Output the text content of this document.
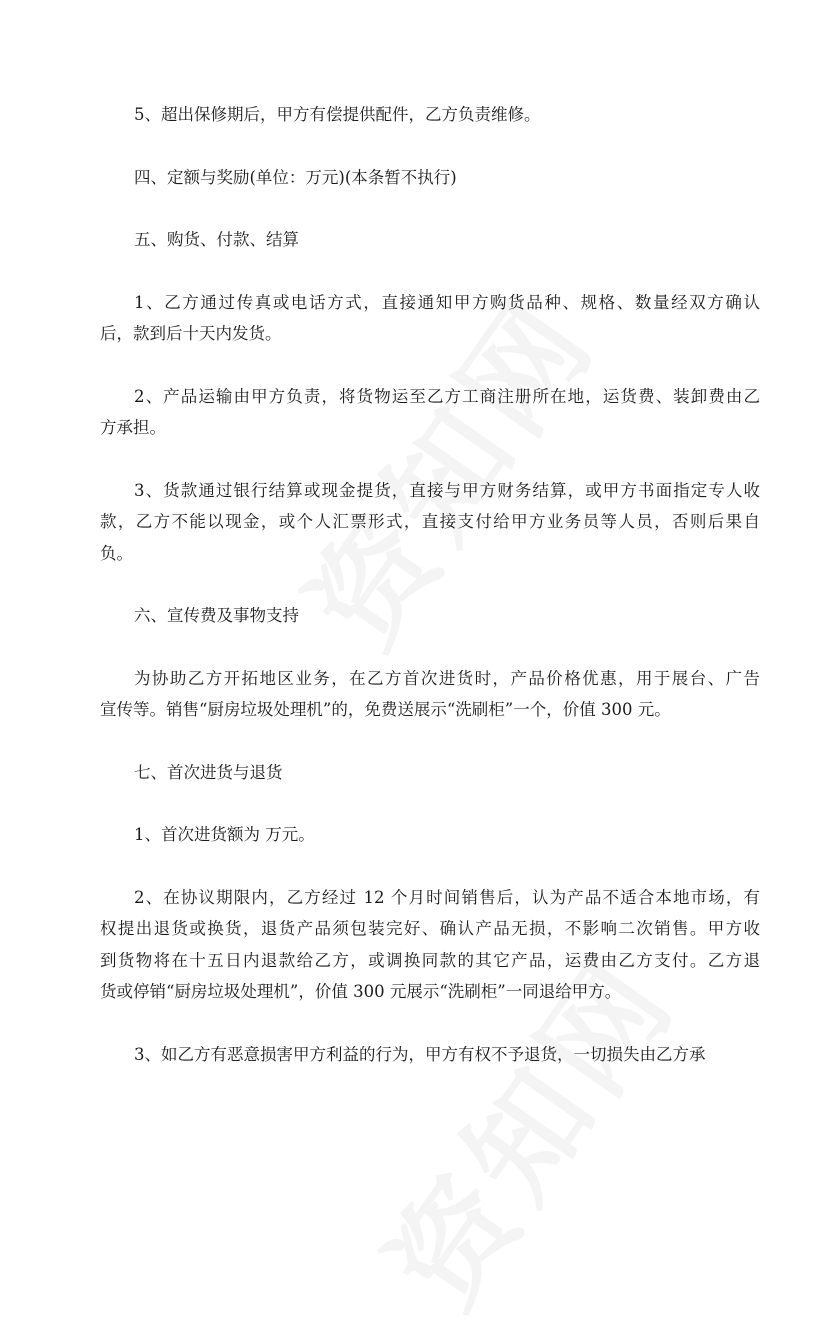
5、超出保修期后，甲方有偿提供配件，乙方负责维修。
四、定额与奖励(单位：万元)(本条暂不执行)
五、购货、付款、结算
1、乙方通过传真或电话方式，直接通知甲方购货品种、规格、数量经双方确认
后，款到后十天内发货。
2、产品运输由甲方负责，将货物运至乙方工商注册所在地，运货费、装卸费由乙
方承担。
3、货款通过银行结算或现金提货，直接与甲方财务结算，或甲方书面指定专人收
款，乙方不能以现金，或个人汇票形式，直接支付给甲方业务员等人员，否则后果自
负。
六、宣传费及事物支持
为协助乙方开拓地区业务，在乙方首次进货时，产品价格优惠，用于展台、广告
宣传等。销售“厨房垃圾处理机”的，免费送展示“洗刷柜”一个，价值 300 元。
七、首次进货与退货
1、首次进货额为 万元。
2、在协议期限内，乙方经过 12 个月时间销售后，认为产品不适合本地市场，有
权提出退货或换货，退货产品须包装完好、确认产品无损，不影响二次销售。甲方收
到货物将在十五日内退款给乙方，或调换同款的其它产品，运费由乙方支付。乙方退
货或停销“厨房垃圾处理机”，价值 300 元展示“洗刷柜”一同退给甲方。
3、如乙方有恶意损害甲方利益的行为，甲方有权不予退货，一切损失由乙方承
